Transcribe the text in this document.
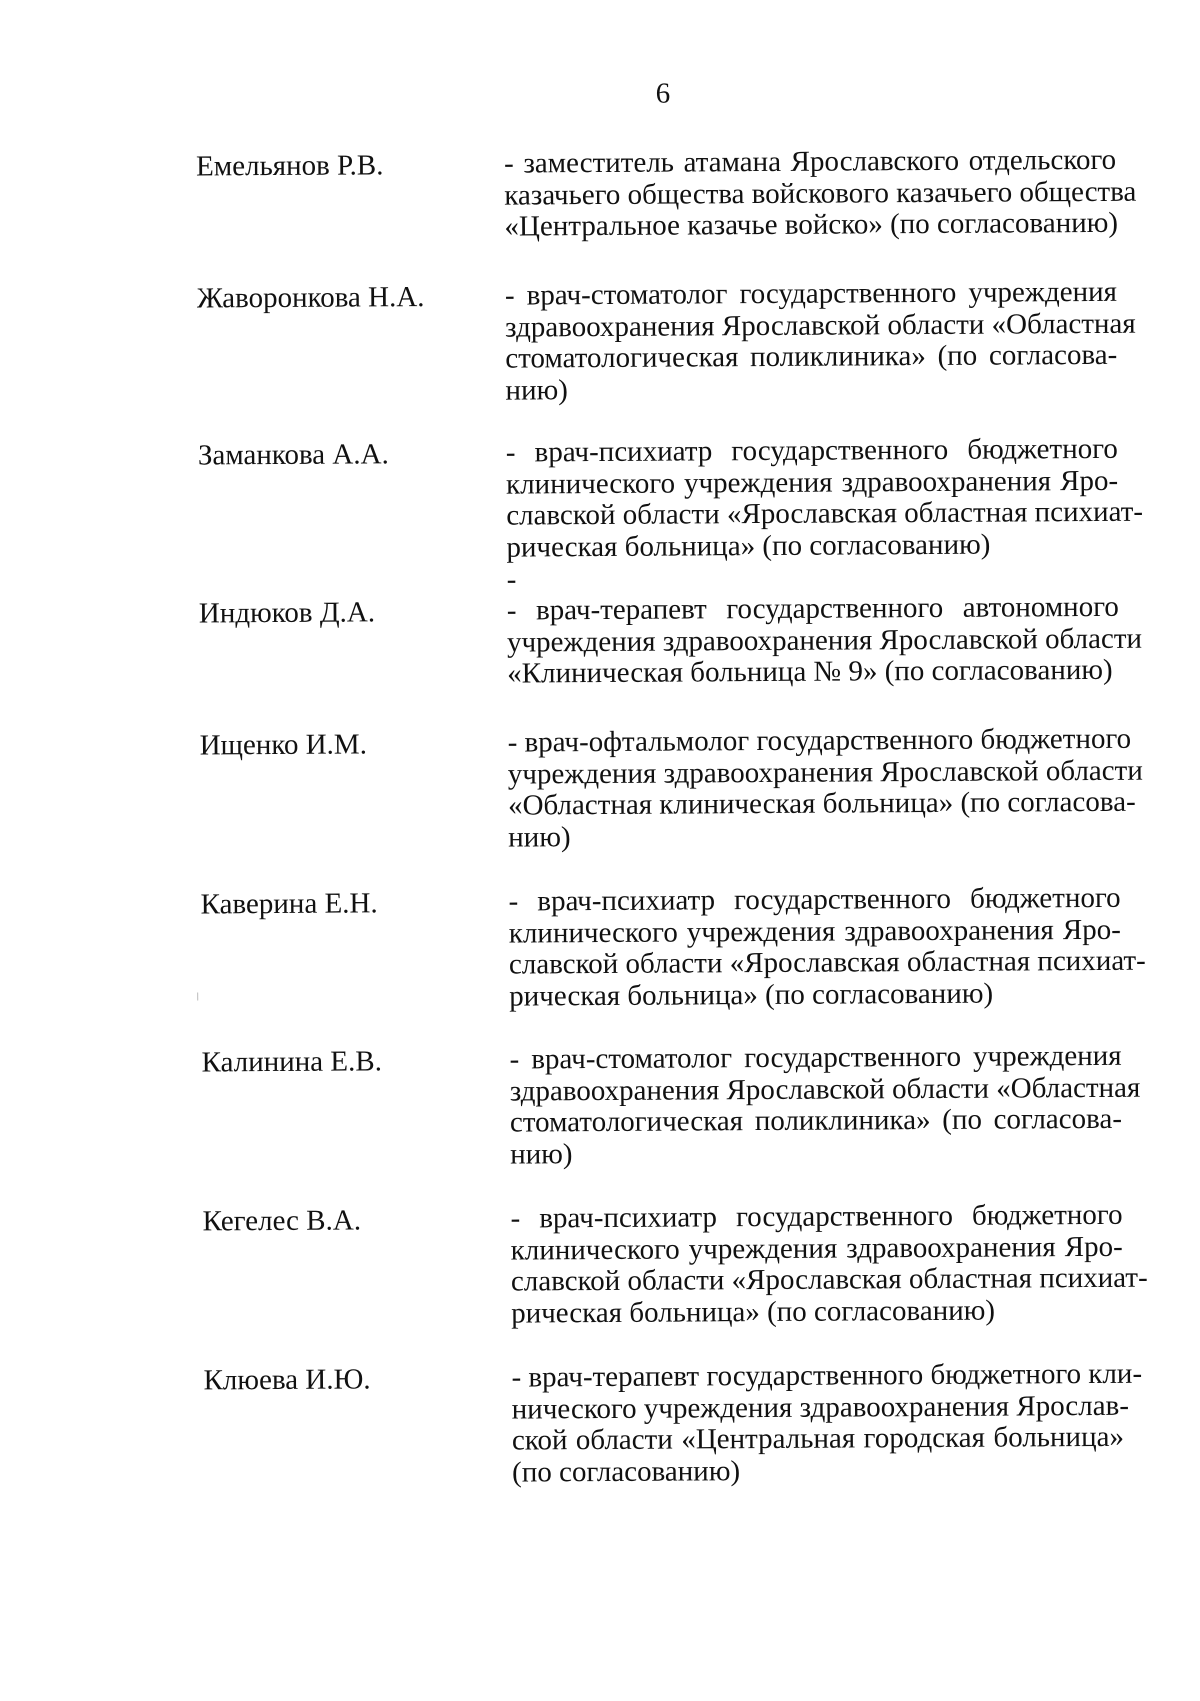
6
Емельянов Р.В.	- заместитель атамана Ярославского отдельского
казачьего общества войскового казачьего общества
«Центральное казачье войско» (по согласованию)
Жаворонкова Н.А.	- врач-стоматолог государственного учреждения
здравоохранения Ярославской области «Областная
стоматологическая поликлиника» (по согласова-
нию)
Заманкова А.А.	- врач-психиатр государственного бюджетного
клинического учреждения здравоохранения Яро-
славской области «Ярославская областная психиат-
рическая больница» (по согласованию)
-
Индюков Д.А.	- врач-терапевт государственного автономного
учреждения здравоохранения Ярославской области
«Клиническая больница № 9» (по согласованию)
Ищенко И.М.	- врач-офтальмолог государственного бюджетного
учреждения здравоохранения Ярославской области
«Областная клиническая больница» (по согласова-
нию)
Каверина Е.Н.	- врач-психиатр государственного бюджетного
клинического учреждения здравоохранения Яро-
славской области «Ярославская областная психиат-
рическая больница» (по согласованию)
Калинина Е.В.	- врач-стоматолог государственного учреждения
здравоохранения Ярославской области «Областная
стоматологическая поликлиника» (по согласова-
нию)
Кегелес В.А.	- врач-психиатр государственного бюджетного
клинического учреждения здравоохранения Яро-
славской области «Ярославская областная психиат-
рическая больница» (по согласованию)
Клюева И.Ю.	- врач-терапевт государственного бюджетного кли-
нического учреждения здравоохранения Ярослав-
ской области «Центральная городская больница»
(по согласованию)
